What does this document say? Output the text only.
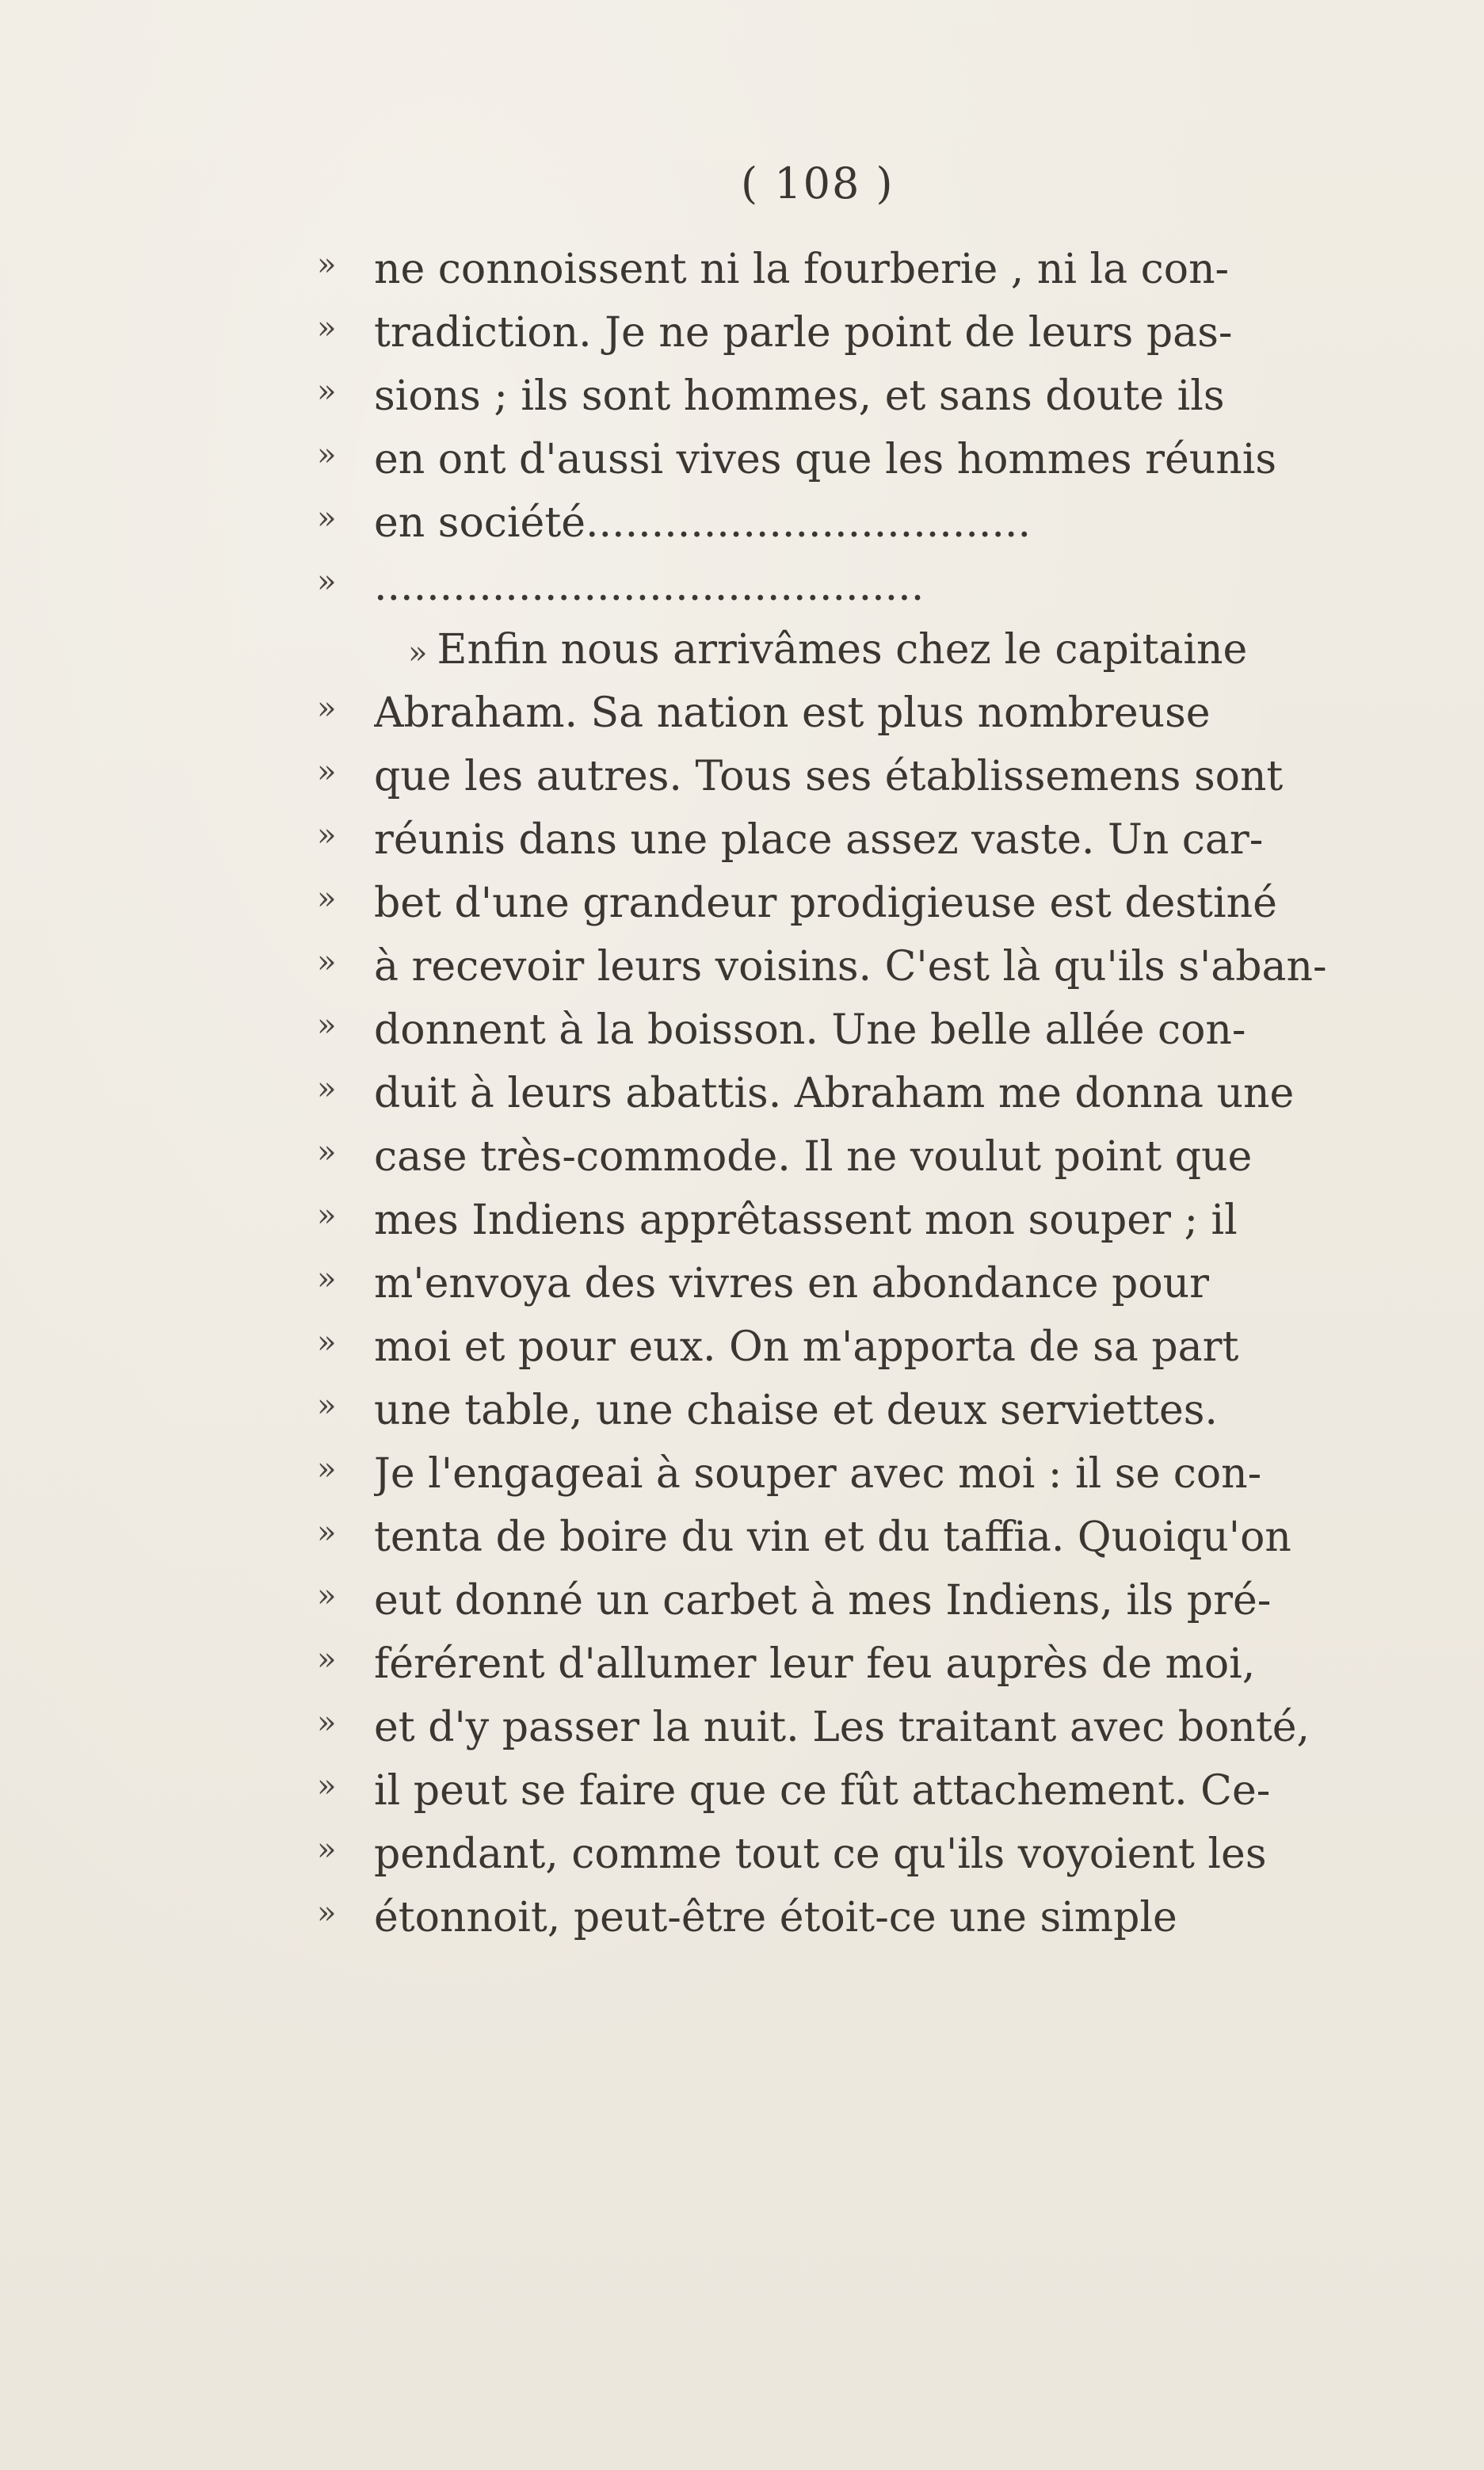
( 108 )
» ne connoissent ni la fourberie , ni la con-
» tradiction. Je ne parle point de leurs pas-
» sions ; ils sont hommes, et sans doute ils
» en ont d'aussi vives que les hommes réunis
» en société..................................
» ..........................................
» Enfin nous arrivâmes chez le capitaine
» Abraham. Sa nation est plus nombreuse
» que les autres. Tous ses établissemens sont
» réunis dans une place assez vaste. Un car-
» bet d'une grandeur prodigieuse est destiné
» à recevoir leurs voisins. C'est là qu'ils s'aban-
» donnent à la boisson. Une belle allée con-
» duit à leurs abattis. Abraham me donna une
» case très-commode. Il ne voulut point que
» mes Indiens apprêtassent mon souper ; il
» m'envoya des vivres en abondance pour
» moi et pour eux. On m'apporta de sa part
» une table, une chaise et deux serviettes.
» Je l'engageai à souper avec moi : il se con-
» tenta de boire du vin et du taffia. Quoiqu'on
» eut donné un carbet à mes Indiens, ils pré-
» férérent d'allumer leur feu auprès de moi,
» et d'y passer la nuit. Les traitant avec bonté,
» il peut se faire que ce fût attachement. Ce-
» pendant, comme tout ce qu'ils voyoient les
» étonnoit, peut-être étoit-ce une simple
